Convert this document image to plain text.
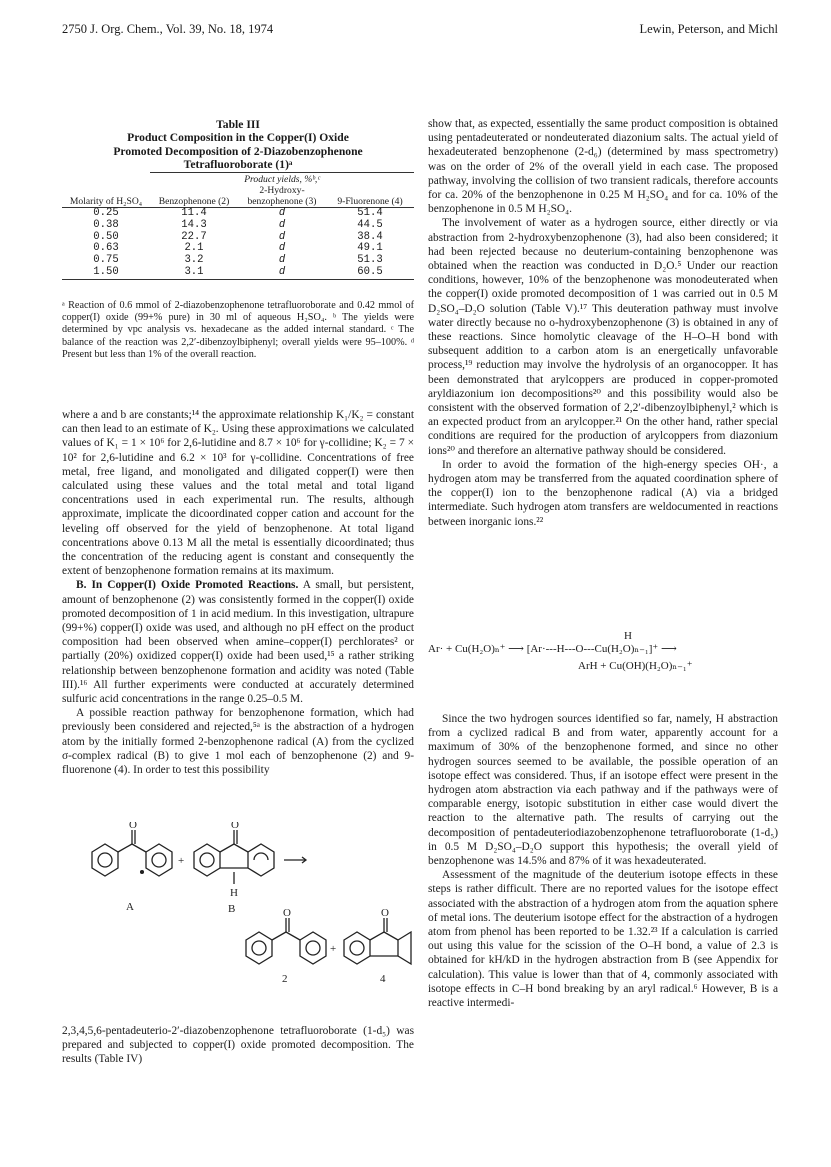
2750 J. Org. Chem., Vol. 39, No. 18, 1974	Lewin, Peterson, and Michl
Table III
Product Composition in the Copper(I) Oxide
Promoted Decomposition of 2-Diazobenzophenone
Tetrafluoroborate (1)ᵃ
	Product yields, %ᵇ,ᶜ		
Molarity of H₂SO₄	Benzophenone (2)	2-Hydroxy-benzophenone (3)	9-Fluorenone (4)
0.25	11.4	d	51.4
0.38	14.3	d	44.5
0.50	22.7	d	38.4
0.63	2.1	d	49.1
0.75	3.2	d	51.3
1.50	3.1	d	60.5
ᵃ Reaction of 0.6 mmol of 2-diazobenzophenone tetrafluoroborate and 0.42 mmol of copper(I) oxide (99+% pure) in 30 ml of aqueous H₂SO₄. ᵇ The yields were determined by vpc analysis vs. hexadecane as the added internal standard. ᶜ The balance of the reaction was 2,2′-dibenzoylbiphenyl; overall yields were 95–100%. ᵈ Present but less than 1% of the overall reaction.

where a and b are constants;¹⁴ the approximate relationship K₁/K₂ = constant can then lead to an estimate of K₂. Using these approximations we calculated values of K₁ = 1 × 10⁶ for 2,6-lutidine and 8.7 × 10⁶ for γ-collidine; K₂ = 7 × 10² for 2,6-lutidine and 6.2 × 10³ for γ-collidine. Concentrations of free metal, free ligand, and monoligated and diligated copper(I) were then calculated using these values and the total metal and total ligand concentrations used in each experimental run. The results, although approximate, implicate the dicoordinated copper cation and account for the leveling off observed for the yield of benzophenone. At total ligand concentrations above 0.13 M all the metal is essentially dicoordinated; thus the concentration of the reducing agent is constant and consequently the extent of benzophenone formation remains at its maximum.

B. In Copper(I) Oxide Promoted Reactions. A small, but persistent, amount of benzophenone (2) was consistently formed in the copper(I) oxide promoted decomposition of 1 in acid medium. In this investigation, ultrapure (99+%) copper(I) oxide was used, and although no pH effect on the product composition had been observed when amine–copper(I) perchlorates² or partially (20%) oxidized copper(I) oxide had been used,¹⁵ a rather striking relationship between benzophenone formation and acidity was noted (Table III).¹⁶ All further experiments were conducted at accurately determined sulfuric acid concentrations in the range 0.25–0.5 M.

A possible reaction pathway for benzophenone formation, which had previously been considered and rejected,⁵ᵃ is the abstraction of a hydrogen atom by the initially formed 2-benzophenone radical (A) from the cyclized σ-complex radical (B) to give 1 mol each of benzophenone (2) and 9-fluorenone (4). In order to test this possibility

O	O
O	O
+
+
H
A	B
2	4

2,3,4,5,6-pentadeuterio-2′-diazobenzophenone tetrafluoroborate (1-d₅) was prepared and subjected to copper(I) oxide promoted decomposition. The results (Table IV)

show that, as expected, essentially the same product composition is obtained using pentadeuterated or nondeuterated diazonium salts. The actual yield of hexadeuterated benzophenone (2-d₆) (determined by mass spectrometry) was on the order of 2% of the overall yield in each case. The proposed pathway, involving the collision of two transient radicals, therefore accounts for ca. 20% of the benzophenone in 0.25 M H₂SO₄ and for ca. 10% of the benzophenone in 0.5 M H₂SO₄.

The involvement of water as a hydrogen source, either directly or via abstraction from 2-hydroxybenzophenone (3), had also been considered; it had been rejected because no deuterium-containing benzophenone was obtained when the reaction was conducted in D₂O.⁵ Under our reaction conditions, however, 10% of the benzophenone was monodeuterated when the copper(I) oxide promoted decomposition of 1 was carried out in 0.5 M D₂SO₄–D₂O solution (Table V).¹⁷ This deuteration pathway must involve water directly because no o-hydroxybenzophenone (3) is obtained in any of these reactions. Since homolytic cleavage of the H–O–H bond with subsequent addition to a carbon atom is an energetically unfavorable process,¹⁹ reduction may involve the hydrolysis of an organocopper. It has been demonstrated that arylcoppers are produced in copper-promoted aryldiazonium ion decompositions²⁰ and this possibility would also be consistent with the observed formation of 2,2′-dibenzoylbiphenyl,² which is an expected product from an arylcopper.²¹ On the other hand, rather special conditions are required for the production of arylcoppers from diazonium ions²⁰ and therefore an alternative pathway should be considered.

In order to avoid the formation of the high-energy species OH·, a hydrogen atom may be transferred from the aquated coordination sphere of the copper(I) ion to the benzophenone radical (A) via a bridged intermediate. Such hydrogen atom transfers are weldocumented in reactions between inorganic ions.²²

H
Ar· + Cu(H₂O)ₙ⁺ ⟶ [Ar·---H---O---Cu(H₂O)ₙ₋₁]⁺ ⟶
ArH + Cu(OH)(H₂O)ₙ₋₁⁺

Since the two hydrogen sources identified so far, namely, H abstraction from a cyclized radical B and from water, apparently account for a maximum of 30% of the benzophenone formed, and since no other hydrogen sources seemed to be available, the possible operation of an isotope effect was considered. Thus, if an isotope effect were present in the hydrogen atom abstraction via each pathway and if the pathways were of comparable energy, isotopic substitution in either case would divert the reaction to the alternative path. The results of carrying out the decomposition of pentadeuteriodiazobenzophenone tetrafluoroborate (1-d₅) in 0.5 M D₂SO₄–D₂O support this hypothesis; the overall yield of benzophenone was 14.5% and 87% of it was hexadeuterated.

Assessment of the magnitude of the deuterium isotope effects in these steps is rather difficult. There are no reported values for the isotope effect associated with the abstraction of a hydrogen atom from the aquation sphere of metal ions. The deuterium isotope effect for the abstraction of a hydrogen atom from phenol has been reported to be 1.32.²³ If a calculation is carried out using this value for the scission of the O–H bond, a value of 2.3 is obtained for kH/kD in the hydrogen abstraction from B (see Appendix for calculation). This value is lower than that of 4, commonly associated with isotope effects in C–H bond breaking by an aryl radical.⁶ However, B is a reactive intermedi-
